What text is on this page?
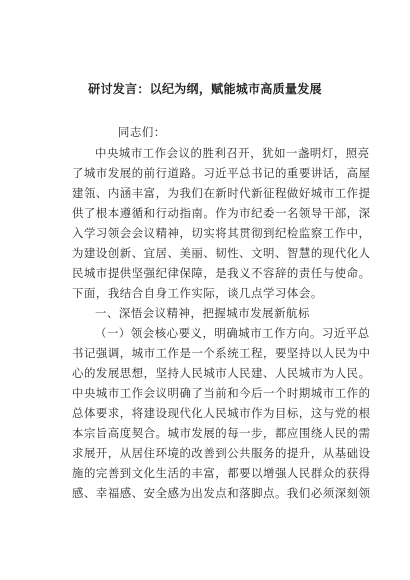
研讨发言：以纪为纲，赋能城市高质量发展
同志们：
中央城市工作会议的胜利召开，犹如一盏明灯，照亮
了城市发展的前行道路。习近平总书记的重要讲话，高屋
建瓴、内涵丰富，为我们在新时代新征程做好城市工作提
供了根本遵循和行动指南。作为市纪委一名领导干部，深
入学习领会会议精神，切实将其贯彻到纪检监察工作中，
为建设创新、宜居、美丽、韧性、文明、智慧的现代化人
民城市提供坚强纪律保障，是我义不容辞的责任与使命。
下面，我结合自身工作实际，谈几点学习体会。
一、深悟会议精神，把握城市发展新航标
（一）领会核心要义，明确城市工作方向。习近平总
书记强调，城市工作是一个系统工程，要坚持以人民为中
心的发展思想，坚持人民城市人民建、人民城市为人民。
中央城市工作会议明确了当前和今后一个时期城市工作的
总体要求，将建设现代化人民城市作为目标，这与党的根
本宗旨高度契合。城市发展的每一步，都应围绕人民的需
求展开，从居住环境的改善到公共服务的提升，从基础设
施的完善到文化生活的丰富，都要以增强人民群众的获得
感、幸福感、安全感为出发点和落脚点。我们必须深刻领
